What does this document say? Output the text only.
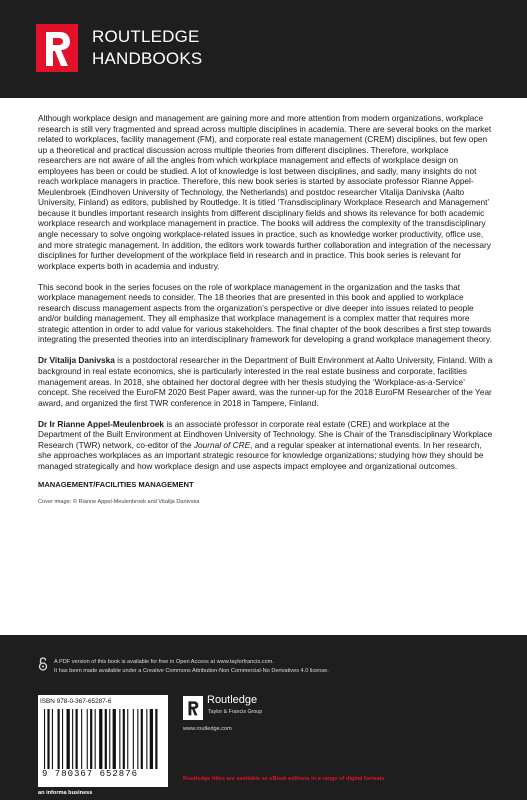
ROUTLEDGE
HANDBOOKS

Although workplace design and management are gaining more and more attention from modern organizations, workplace research is still very fragmented and spread across multiple disciplines in academia. There are several books on the market related to workplaces, facility management (FM), and corporate real estate management (CREM) disciplines, but few open up a theoretical and practical discussion across multiple theories from different disciplines. Therefore, workplace researchers are not aware of all the angles from which workplace management and effects of workplace design on employees has been or could be studied. A lot of knowledge is lost between disciplines, and sadly, many insights do not reach workplace managers in practice. Therefore, this new book series is started by associate professor Rianne Appel-Meulenbroek (Eindhoven University of Technology, the Netherlands) and postdoc researcher Vitalija Danivska (Aalto University, Finland) as editors, published by Routledge. It is titled ‘Transdisciplinary Workplace Research and Management’ because it bundles important research insights from different disciplinary fields and shows its relevance for both academic workplace research and workplace management in practice. The books will address the complexity of the transdisciplinary angle necessary to solve ongoing workplace-related issues in practice, such as knowledge worker productivity, office use, and more strategic management. In addition, the editors work towards further collaboration and integration of the necessary disciplines for further development of the workplace field in research and in practice. This book series is relevant for workplace experts both in academia and industry.

This second book in the series focuses on the role of workplace management in the organization and the tasks that workplace management needs to consider. The 18 theories that are presented in this book and applied to workplace research discuss management aspects from the organization’s perspective or dive deeper into issues related to people and/or building management. They all emphasize that workplace management is a complex matter that requires more strategic attention in order to add value for various stakeholders. The final chapter of the book describes a first step towards integrating the presented theories into an interdisciplinary framework for developing a grand workplace management theory.

Dr Vitalija Danivska is a postdoctoral researcher in the Department of Built Environment at Aalto University, Finland. With a background in real estate economics, she is particularly interested in the real estate business and corporate, facilities management areas. In 2018, she obtained her doctoral degree with her thesis studying the ‘Workplace-as-a-Service’ concept. She received the EuroFM 2020 Best Paper award, was the runner-up for the 2018 EuroFM Researcher of the Year award, and organized the first TWR conference in 2018 in Tampere, Finland.

Dr Ir Rianne Appel-Meulenbroek is an associate professor in corporate real estate (CRE) and workplace at the Department of the Built Environment at Eindhoven University of Technology. She is Chair of the Transdisciplinary Workplace Research (TWR) network, co-editor of the Journal of CRE, and a regular speaker at international events. In her research, she approaches workplaces as an important strategic resource for knowledge organizations; studying how they should be managed strategically and how workplace design and use aspects impact employee and organizational outcomes.

MANAGEMENT/FACILITIES MANAGEMENT
Cover image: © Rianne Appel-Meulenbroek and Vitalija Danivska
A PDF version of this book is available for free in Open Access at www.taylorfrancis.com.
It has been made available under a Creative Commons Attribution-Non Commercial-No Derivatives 4.0 license.
ISBN 978-0-367-65287-6
9 780367 652876
an informa business
Routledge
Taylor & Francis Group
www.routledge.com
Routledge titles are available as eBook editions in a range of digital formats
